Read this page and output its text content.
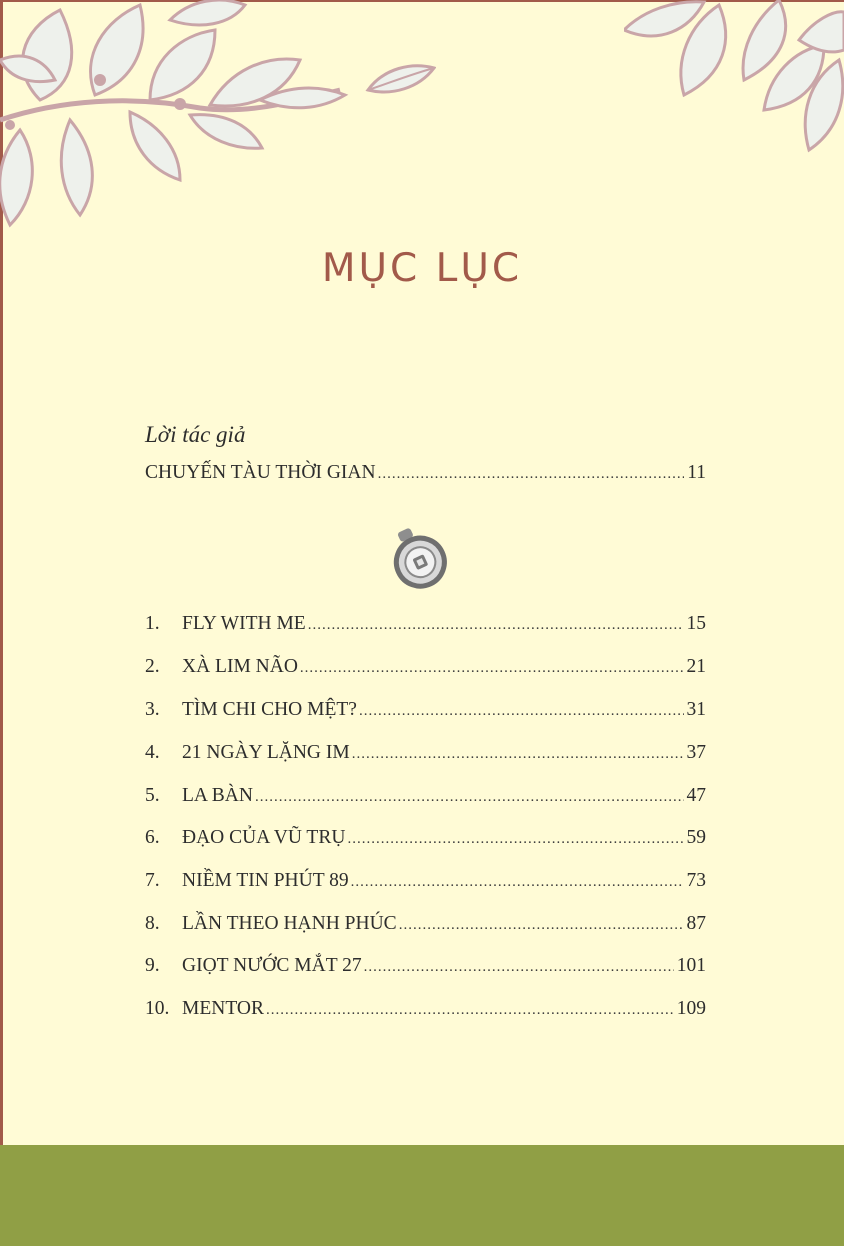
MỤC LỤC

Lời tác giả

CHUYẾN TÀU THỜI GIAN .....	11
1.	FLY WITH ME .....	15
2.	XÀ LIM NÃO .....	21
3.	TÌM CHI CHO MỆT? .....	31
4.	21 NGÀY LẶNG IM .....	37
5.	LA BÀN .....	47
6.	ĐẠO CỦA VŨ TRỤ .....	59
7.	NIỀM TIN PHÚT 89 .....	73
8.	LẦN THEO HẠNH PHÚC .....	87
9.	GIỌT NƯỚC MẮT 27 .....	101
10. MENTOR .....	109
